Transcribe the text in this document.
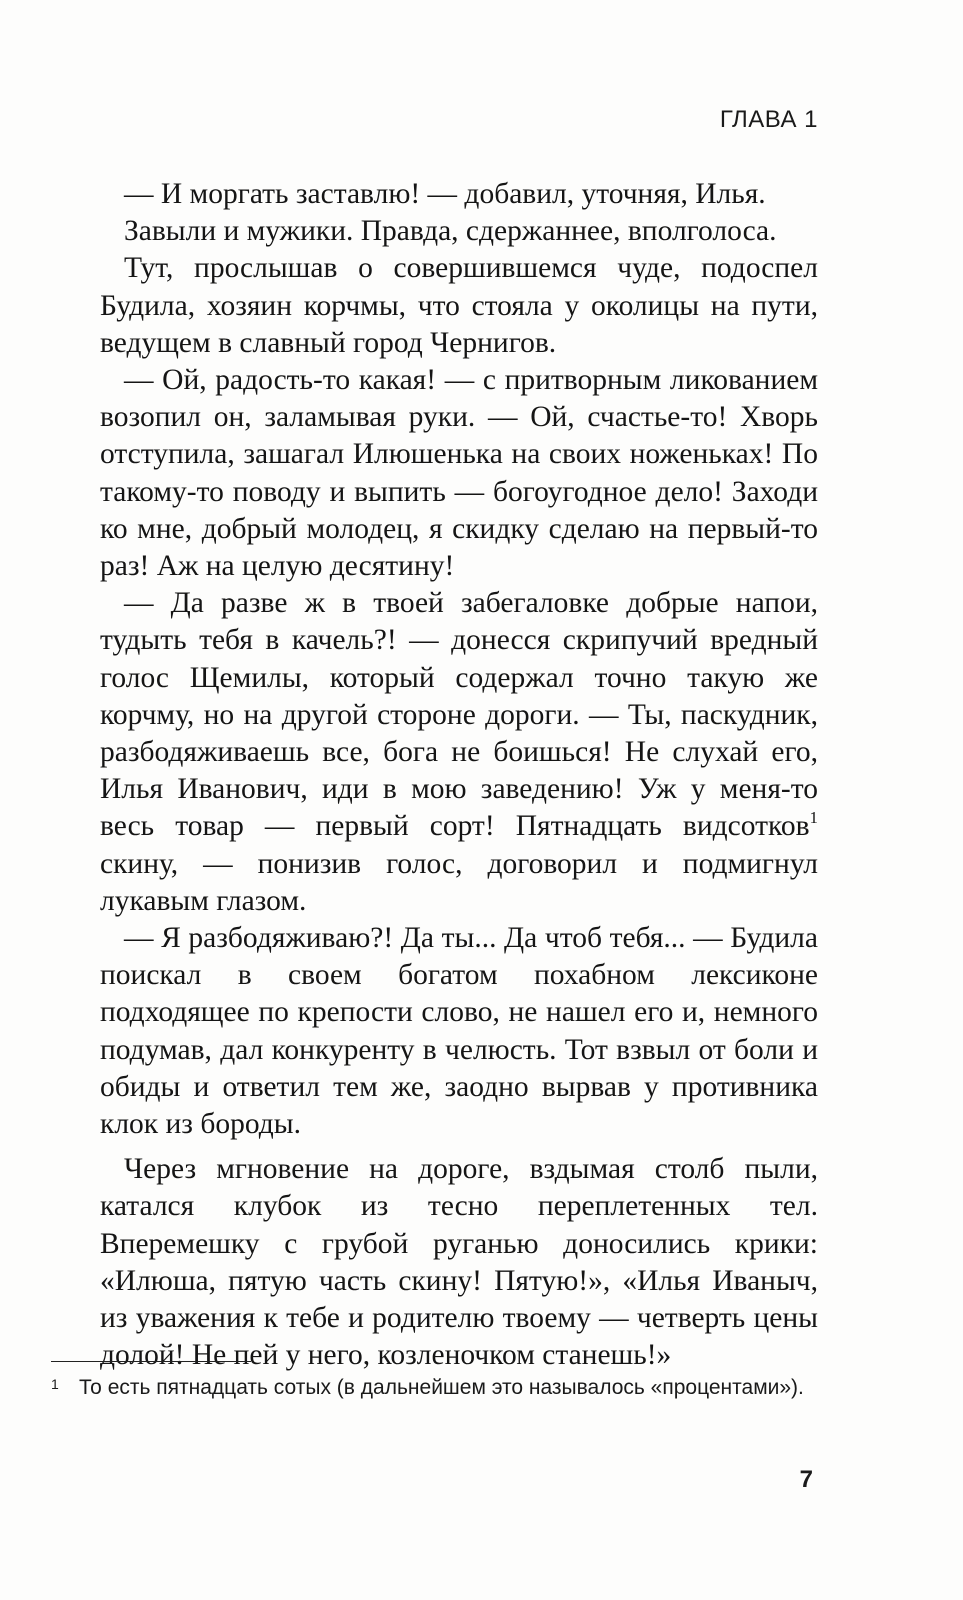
ГЛАВА 1

— И моргать заставлю! — добавил, уточняя, Илья.

Завыли и мужики. Правда, сдержаннее, вполголоса.

Тут, прослышав о совершившемся чуде, подоспел Будила, хозяин корчмы, что стояла у околицы на пути, ведущем в славный город Чернигов.

— Ой, радость-то какая! — с притворным ликованием возопил он, заламывая руки. — Ой, счастье-то! Хворь отступила, зашагал Илюшенька на своих ноженьках! По такому-то поводу и выпить — богоугодное дело! Заходи ко мне, добрый молодец, я скидку сделаю на первый-то раз! Аж на целую десятину!

— Да разве ж в твоей забегаловке добрые напои, тудыть тебя в качель?! — донесся скрипучий вредный голос Щемилы, который содержал точно такую же корчму, но на другой стороне дороги. — Ты, паскудник, разбодяживаешь все, бога не боишься! Не слухай его, Илья Иванович, иди в мою заведению! Уж у меня-то весь товар — первый сорт! Пятнадцать видсотков$^1$ скину, — понизив голос, договорил и подмигнул лукавым глазом.

— Я разбодяживаю?! Да ты... Да чтоб тебя... — Будила поискал в своем богатом похабном лексиконе подходящее по крепости слово, не нашел его и, немного подумав, дал конкуренту в челюсть. Тот взвыл от боли и обиды и ответил тем же, заодно вырвав у противника клок из бороды.

Через мгновение на дороге, вздымая столб пыли, катался клубок из тесно переплетенных тел. Вперемешку с грубой руганью доносились крики: «Илюша, пятую часть скину! Пятую!», «Илья Иваныч, из уважения к тебе и родителю твоему — четверть цены долой! Не пей у него, козленочком станешь!»

1 То есть пятнадцать сотых (в дальнейшем это называлось «процентами»).
7
